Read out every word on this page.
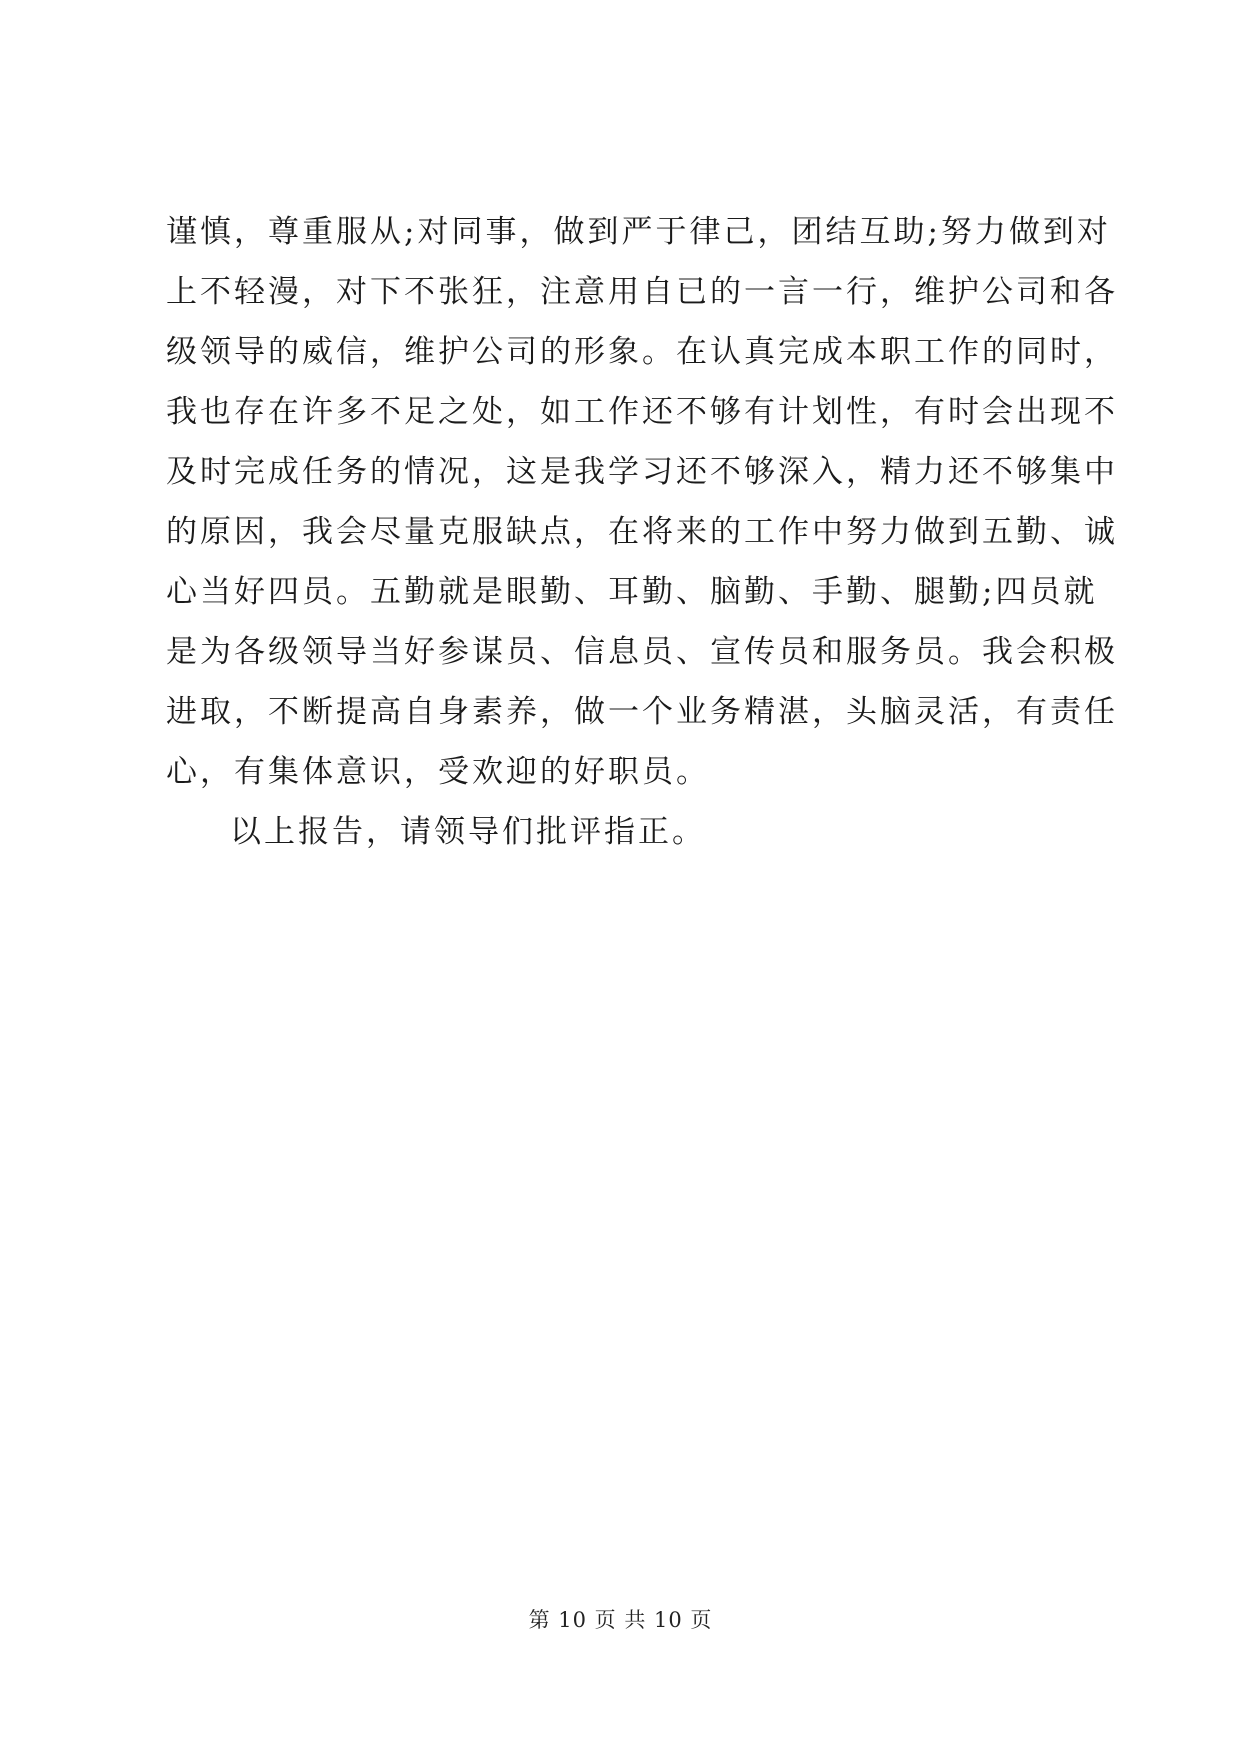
谨慎，尊重服从;对同事，做到严于律己，团结互助;努力做到对
上不轻漫，对下不张狂，注意用自已的一言一行，维护公司和各
级领导的威信，维护公司的形象。在认真完成本职工作的同时，
我也存在许多不足之处，如工作还不够有计划性，有时会出现不
及时完成任务的情况，这是我学习还不够深入，精力还不够集中
的原因，我会尽量克服缺点，在将来的工作中努力做到五勤、诚
心当好四员。五勤就是眼勤、耳勤、脑勤、手勤、腿勤;四员就
是为各级领导当好参谋员、信息员、宣传员和服务员。我会积极
进取，不断提高自身素养，做一个业务精湛，头脑灵活，有责任
心，有集体意识，受欢迎的好职员。
以上报告，请领导们批评指正。
第 10 页 共 10 页
